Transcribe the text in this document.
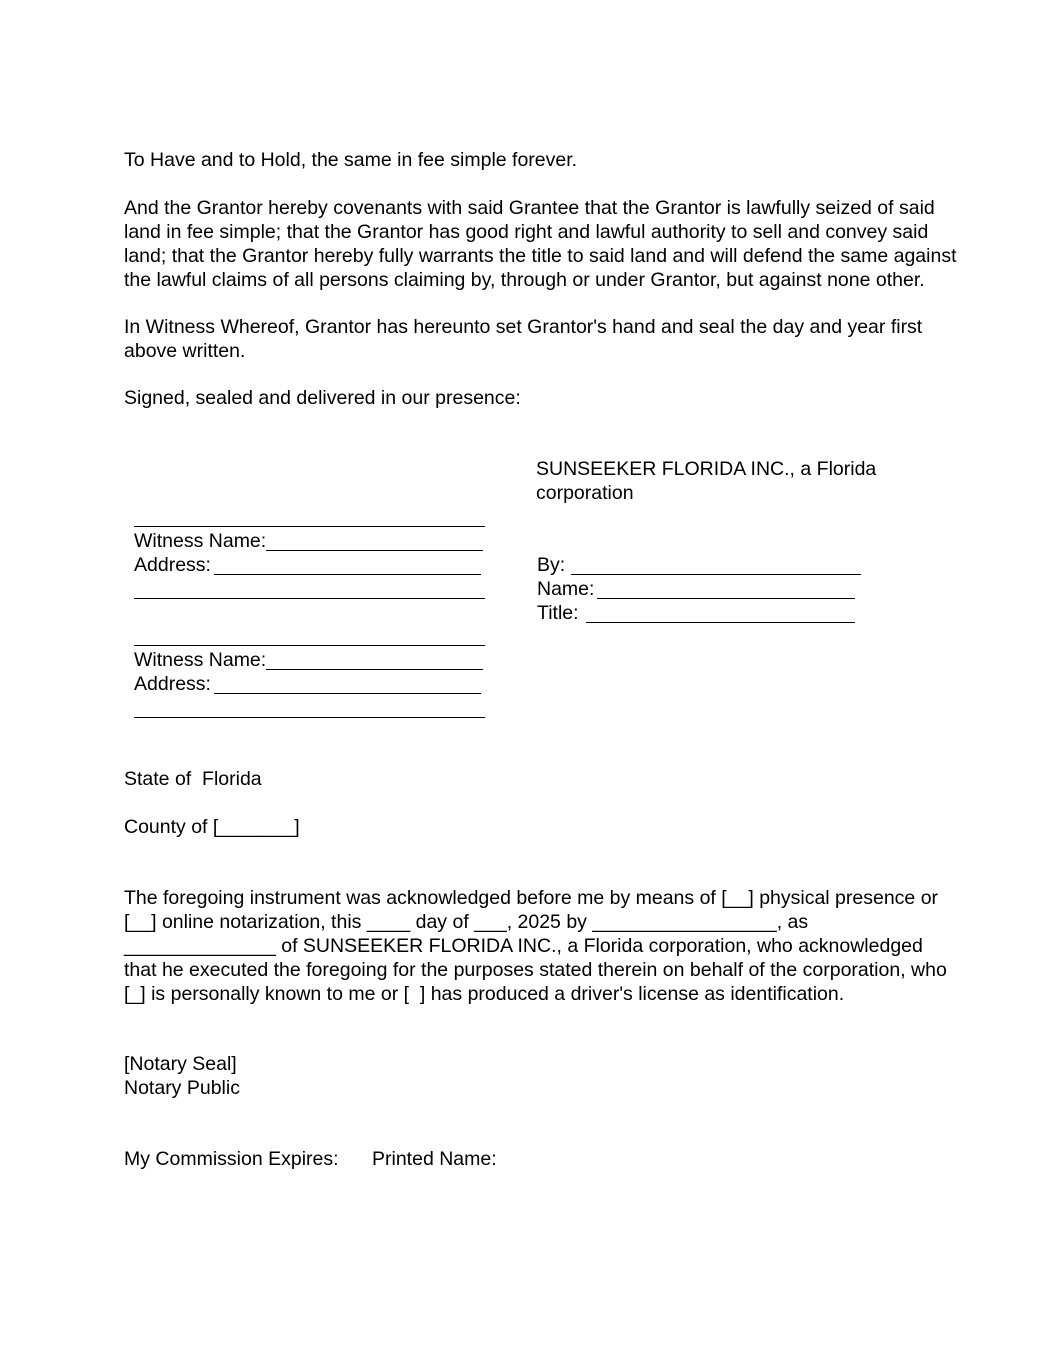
To Have and to Hold, the same in fee simple forever.
And the Grantor hereby covenants with said Grantee that the Grantor is lawfully seized of said
land in fee simple; that the Grantor has good right and lawful authority to sell and convey said
land; that the Grantor hereby fully warrants the title to said land and will defend the same against
the lawful claims of all persons claiming by, through or under Grantor, but against none other.
In Witness Whereof, Grantor has hereunto set Grantor's hand and seal the day and year first
above written.
Signed, sealed and delivered in our presence:
SUNSEEKER FLORIDA INC., a Florida
corporation
Witness Name:
Address:	By:
Name:
Title:
Witness Name:
Address:
State of  Florida
County of [_______]
The foregoing instrument was acknowledged before me by means of [__] physical presence or
[__] online notarization, this ____ day of ___, 2025 by _________________, as
______________ of SUNSEEKER FLORIDA INC., a Florida corporation, who acknowledged
that he executed the foregoing for the purposes stated therein on behalf of the corporation, who
[_] is personally known to me or [  ] has produced a driver's license as identification.
[Notary Seal]
Notary Public
My Commission Expires: Printed Name:
